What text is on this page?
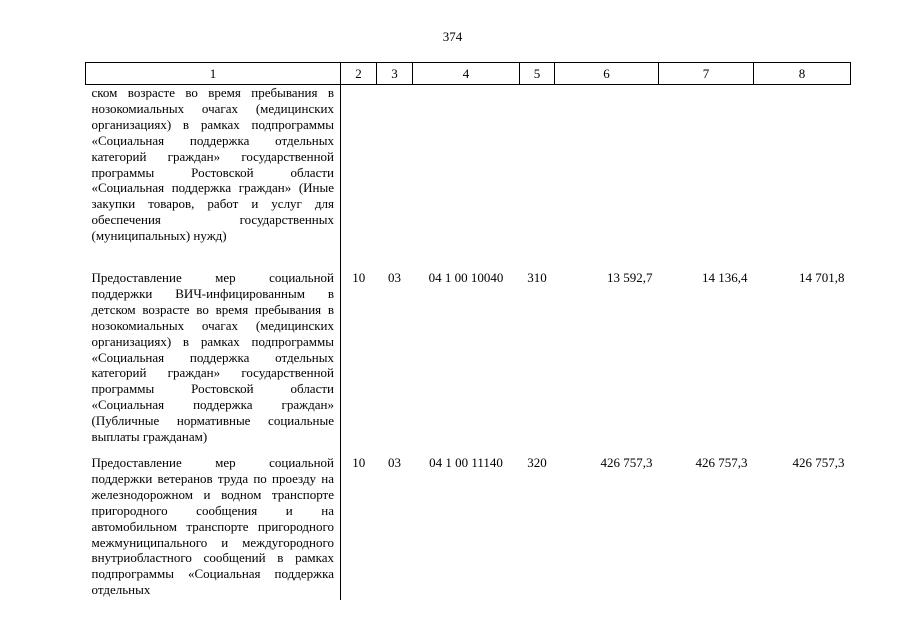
374
1	2	3	4	5	6	7	8
ском возрасте во время пребывания в нозокомиальных очагах (медицинских организациях) в рамках подпрограммы «Социальная поддержка отдельных категорий граждан» государственной программы Ростовской области «Социальная поддержка граждан» (Иные закупки товаров, работ и услуг для обеспечения государственных (муниципальных) нужд)							
Предоставление мер социальной поддержки ВИЧ-инфицированным в детском возрасте во время пребывания в нозокомиальных очагах (медицинских организациях) в рамках подпрограммы «Социальная поддержка отдельных категорий граждан» государственной программы Ростовской области «Социальная поддержка граждан» (Публичные нормативные социальные выплаты гражданам)	10	03	04 1 00 10040	310	13 592,7	14 136,4	14 701,8
Предоставление мер социальной поддержки ветеранов труда по проезду на железнодорожном и водном транспорте пригородного сообщения и на автомобильном транспорте пригородного межмуниципального и междугородного внутриобластного сообщений в рамках подпрограммы «Социальная поддержка отдельных	10	03	04 1 00 11140	320	426 757,3	426 757,3	426 757,3
